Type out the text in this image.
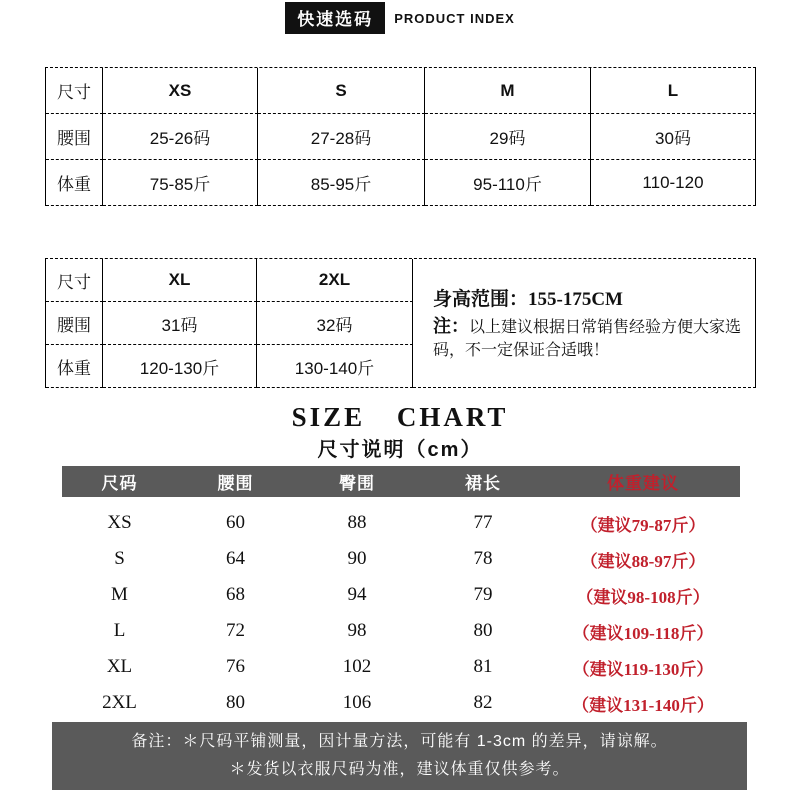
快速选码	PRODUCT INDEX
尺寸	XS	S	M	L
腰围	25-26码	27-28码	29码	30码
体重	75-85斤	85-95斤	95-110斤	110-120
尺寸	XL	2XL	身高范围：155-175CM
注：以上建议根据日常销售经验方便大家选码，不一定保证合适哦！

腰围	31码	32码	
体重	120-130斤	130-140斤	
SIZE CHART
尺寸说明（cm）
尺码	腰围	臀围	裙长	体重建议
XS	60	88	77	（建议79-87斤）
S	64	90	78	（建议88-97斤）
M	68	94	79	（建议98-108斤）
L	72	98	80	（建议109-118斤）
XL	76	102	81	（建议119-130斤）
2XL	80	106	82	（建议131-140斤）
备注：＊尺码平铺测量，因计量方法，可能有 1-3cm 的差异，请谅解。
＊发货以衣服尺码为准，建议体重仅供参考。
